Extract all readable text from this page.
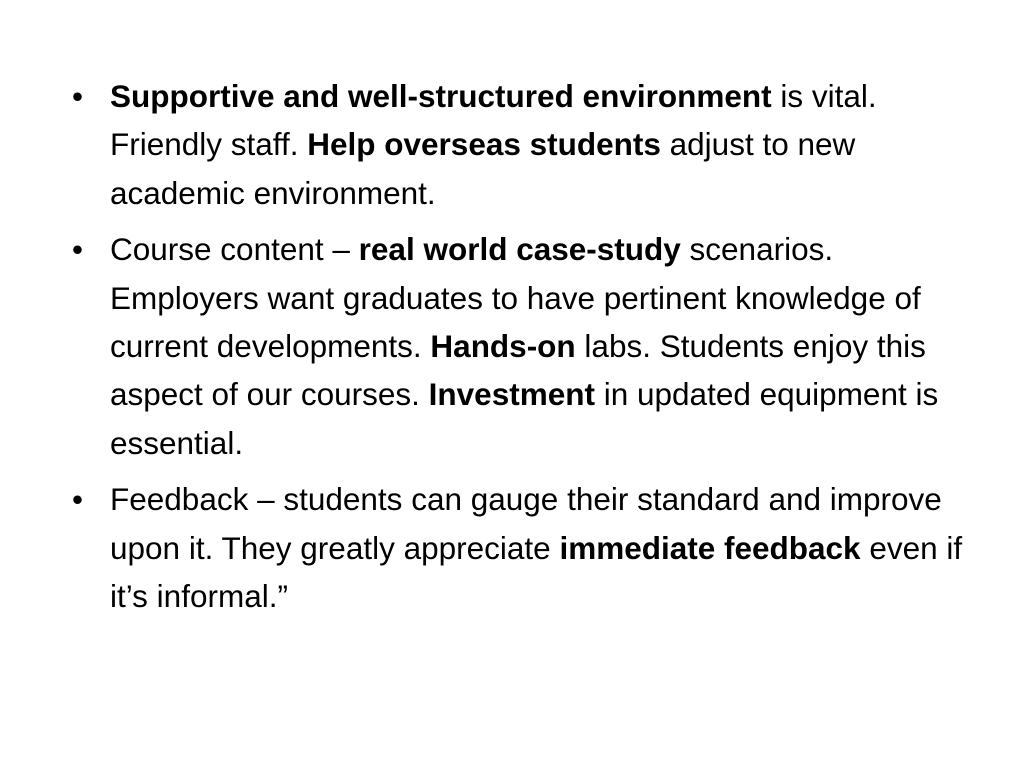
• Supportive and well-structured environment is vital. Friendly staff. Help overseas students adjust to new academic environment.
• Course content – real world case-study scenarios. Employers want graduates to have pertinent knowledge of current developments. Hands-on labs. Students enjoy this aspect of our courses. Investment in updated equipment is essential.
• Feedback – students can gauge their standard and improve upon it. They greatly appreciate immediate feedback even if it’s informal.”
